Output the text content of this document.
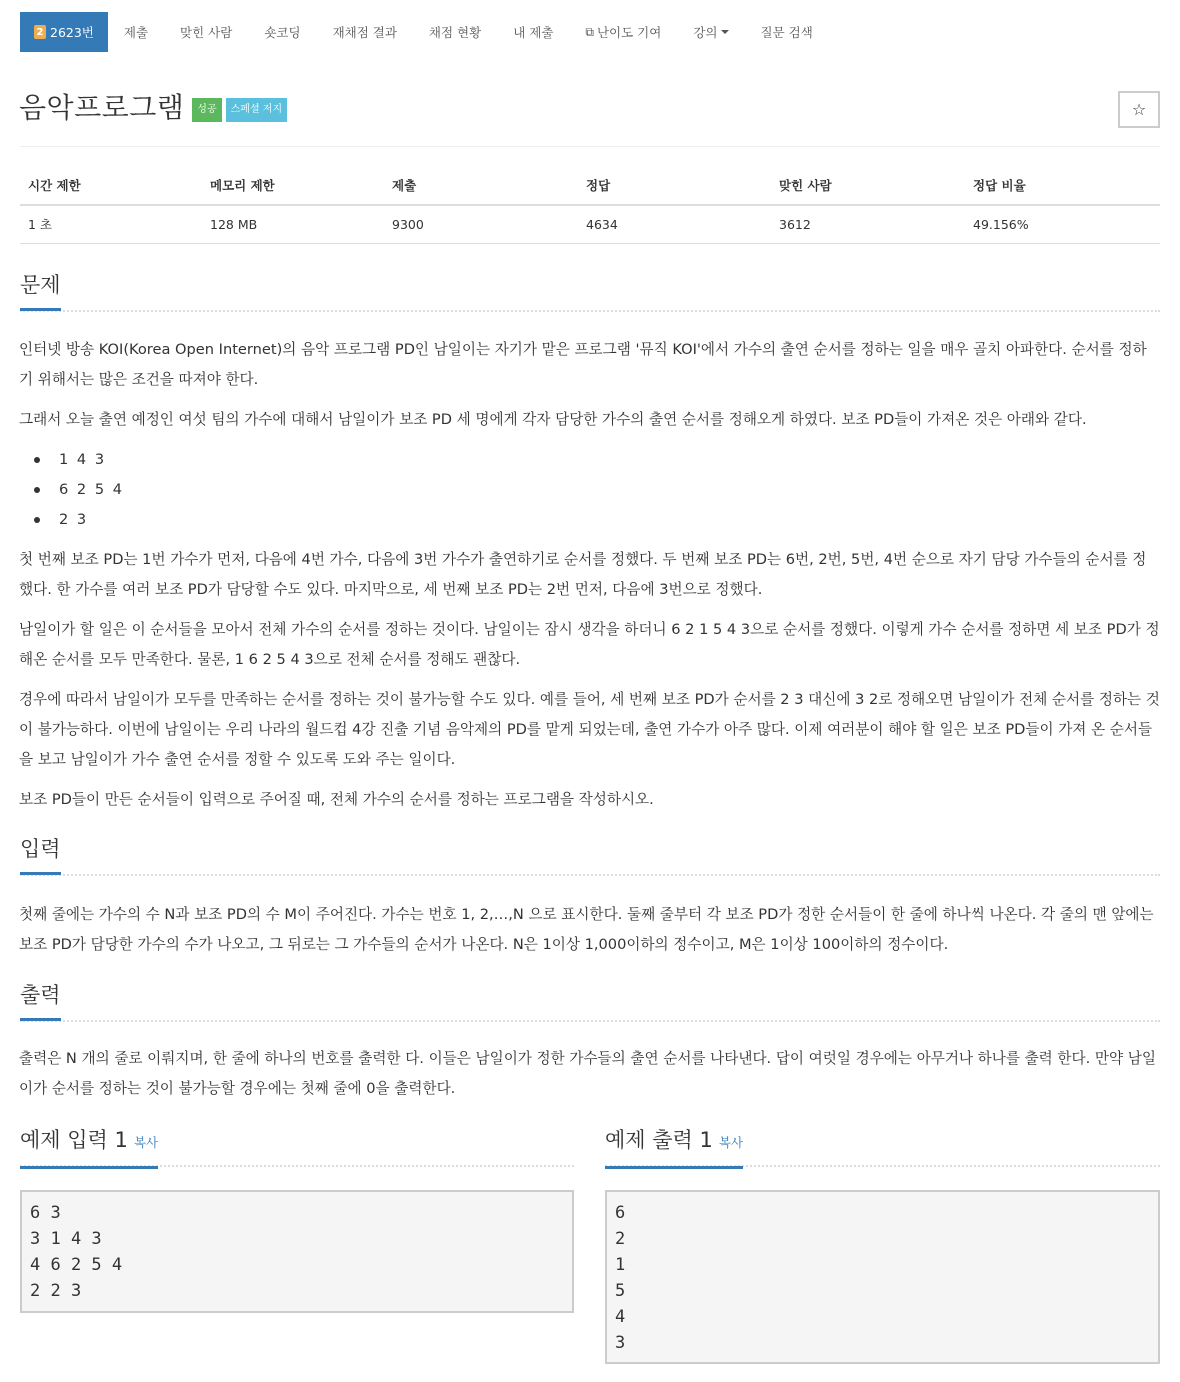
2 2623번	제출	맞힌 사람	숏코딩	재채점 결과	채점 현황	내 제출	⧉ 난이도 기여	강의	질문 검색
음악프로그램	성공	스페셜 저지	☆
시간 제한	메모리 제한	제출	정답	맞힌 사람	정답 비율
1 초	128 MB	9300	4634	3612	49.156%
문제
인터넷 방송 KOI(Korea Open Internet)의 음악 프로그램 PD인 남일이는 자기가 맡은 프로그램 '뮤직 KOI'에서 가수의 출연 순서를 정하는 일을 매우 골치 아파한다. 순서를 정하기 위해서는 많은 조건을 따져야 한다.
그래서 오늘 출연 예정인 여섯 팀의 가수에 대해서 남일이가 보조 PD 세 명에게 각자 담당한 가수의 출연 순서를 정해오게 하였다. 보조 PD들이 가져온 것은 아래와 같다.
1 4 3
6 2 5 4
2 3
첫 번째 보조 PD는 1번 가수가 먼저, 다음에 4번 가수, 다음에 3번 가수가 출연하기로 순서를 정했다. 두 번째 보조 PD는 6번, 2번, 5번, 4번 순으로 자기 담당 가수들의 순서를 정했다. 한 가수를 여러 보조 PD가 담당할 수도 있다. 마지막으로, 세 번째 보조 PD는 2번 먼저, 다음에 3번으로 정했다.
남일이가 할 일은 이 순서들을 모아서 전체 가수의 순서를 정하는 것이다. 남일이는 잠시 생각을 하더니 6 2 1 5 4 3으로 순서를 정했다. 이렇게 가수 순서를 정하면 세 보조 PD가 정해온 순서를 모두 만족한다. 물론, 1 6 2 5 4 3으로 전체 순서를 정해도 괜찮다.
경우에 따라서 남일이가 모두를 만족하는 순서를 정하는 것이 불가능할 수도 있다. 예를 들어, 세 번째 보조 PD가 순서를 2 3 대신에 3 2로 정해오면 남일이가 전체 순서를 정하는 것이 불가능하다. 이번에 남일이는 우리 나라의 월드컵 4강 진출 기념 음악제의 PD를 맡게 되었는데, 출연 가수가 아주 많다. 이제 여러분이 해야 할 일은 보조 PD들이 가져 온 순서들을 보고 남일이가 가수 출연 순서를 정할 수 있도록 도와 주는 일이다.
보조 PD들이 만든 순서들이 입력으로 주어질 때, 전체 가수의 순서를 정하는 프로그램을 작성하시오.
입력
첫째 줄에는 가수의 수 N과 보조 PD의 수 M이 주어진다. 가수는 번호 1, 2,…,N 으로 표시한다. 둘째 줄부터 각 보조 PD가 정한 순서들이 한 줄에 하나씩 나온다. 각 줄의 맨 앞에는 보조 PD가 담당한 가수의 수가 나오고, 그 뒤로는 그 가수들의 순서가 나온다. N은 1이상 1,000이하의 정수이고, M은 1이상 100이하의 정수이다.
출력
출력은 N 개의 줄로 이뤄지며, 한 줄에 하나의 번호를 출력한 다. 이들은 남일이가 정한 가수들의 출연 순서를 나타낸다. 답이 여럿일 경우에는 아무거나 하나를 출력 한다. 만약 남일이가 순서를 정하는 것이 불가능할 경우에는 첫째 줄에 0을 출력한다.
예제 입력 1 복사
6 3
3 1 4 3
4 6 2 5 4
2 2 3
예제 출력 1 복사
6
2
1
5
4
3
